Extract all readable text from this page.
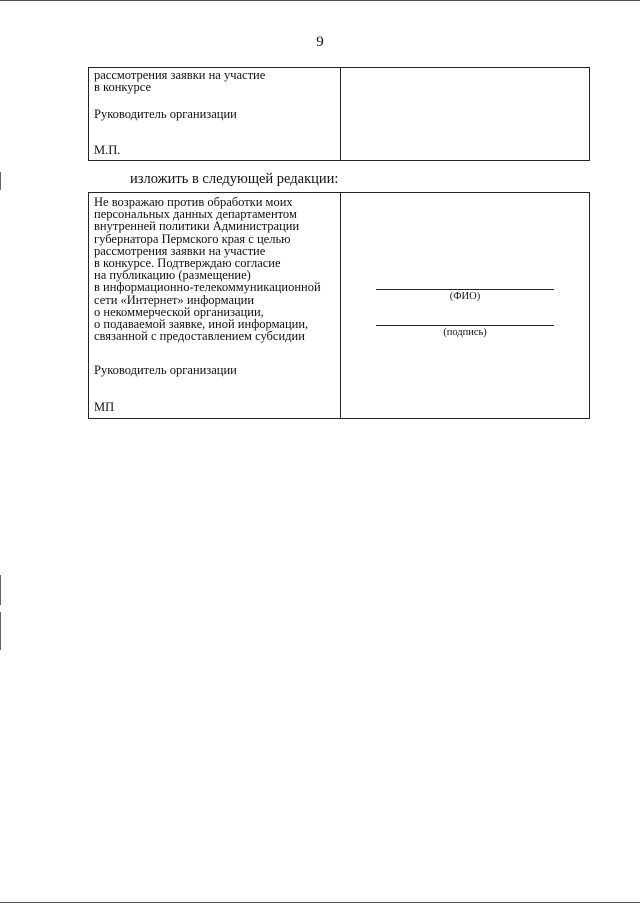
9
рассмотрения заявки на участие
в конкурсе
Руководитель организации
М.П.
изложить в следующей редакции:
Не возражаю против обработки моих
персональных данных департаментом
внутренней политики Администрации
губернатора Пермского края с целью
рассмотрения заявки на участие
в конкурсе. Подтверждаю согласие
на публикацию (размещение)
в информационно-телекоммуникационной
сети «Интернет» информации
о некоммерческой организации,
о подаваемой заявке, иной информации,
связанной с предоставлением субсидии
Руководитель организации
МП
(ФИО)
(подпись)
